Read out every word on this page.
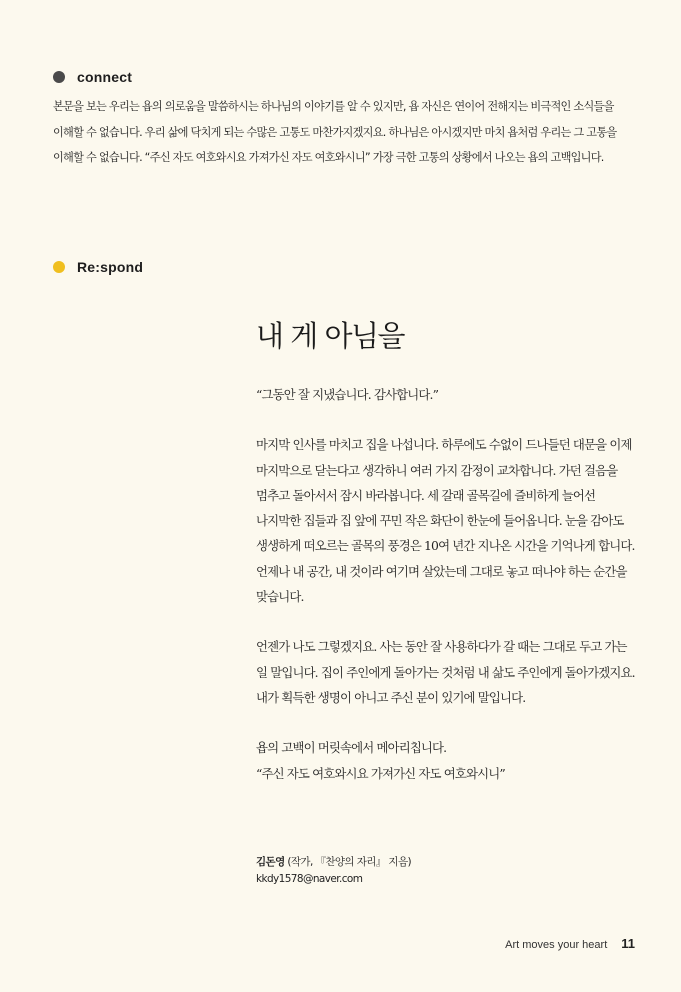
connect
본문을 보는 우리는 욥의 의로움을 말씀하시는 하나님의 이야기를 알 수 있지만, 욥 자신은 연이어 전해지는 비극적인 소식들을 이해할 수 없습니다. 우리 삶에 닥치게 되는 수많은 고통도 마찬가지겠지요. 하나님은 아시겠지만 마치 욥처럼 우리는 그 고통을 이해할 수 없습니다. “주신 자도 여호와시요 가져가신 자도 여호와시니” 가장 극한 고통의 상황에서 나오는 욥의 고백입니다.
Re:spond
내 게 아님을

“그동안 잘 지냈습니다. 감사합니다.”

마지막 인사를 마치고 집을 나섭니다. 하루에도 수없이 드나들던 대문을 이제 마지막으로 닫는다고 생각하니 여러 가지 감정이 교차합니다. 가던 걸음을 멈추고 돌아서서 잠시 바라봅니다. 세 갈래 골목길에 즐비하게 늘어선 나지막한 집들과 집 앞에 꾸민 작은 화단이 한눈에 들어옵니다. 눈을 감아도 생생하게 떠오르는 골목의 풍경은 10여 년간 지나온 시간을 기억나게 합니다. 언제나 내 공간, 내 것이라 여기며 살았는데 그대로 놓고 떠나야 하는 순간을 맞습니다.

언젠가 나도 그렇겠지요. 사는 동안 잘 사용하다가 갈 때는 그대로 두고 가는 일 말입니다. 집이 주인에게 돌아가는 것처럼 내 삶도 주인에게 돌아가겠지요. 내가 획득한 생명이 아니고 주신 분이 있기에 말입니다.

욥의 고백이 머릿속에서 메아리칩니다.
“주신 자도 여호와시요 가져가신 자도 여호와시니”

김돈영 (작가, 『찬양의 자리』 지음)
kkdy1578@naver.com
Art moves your heart 11
